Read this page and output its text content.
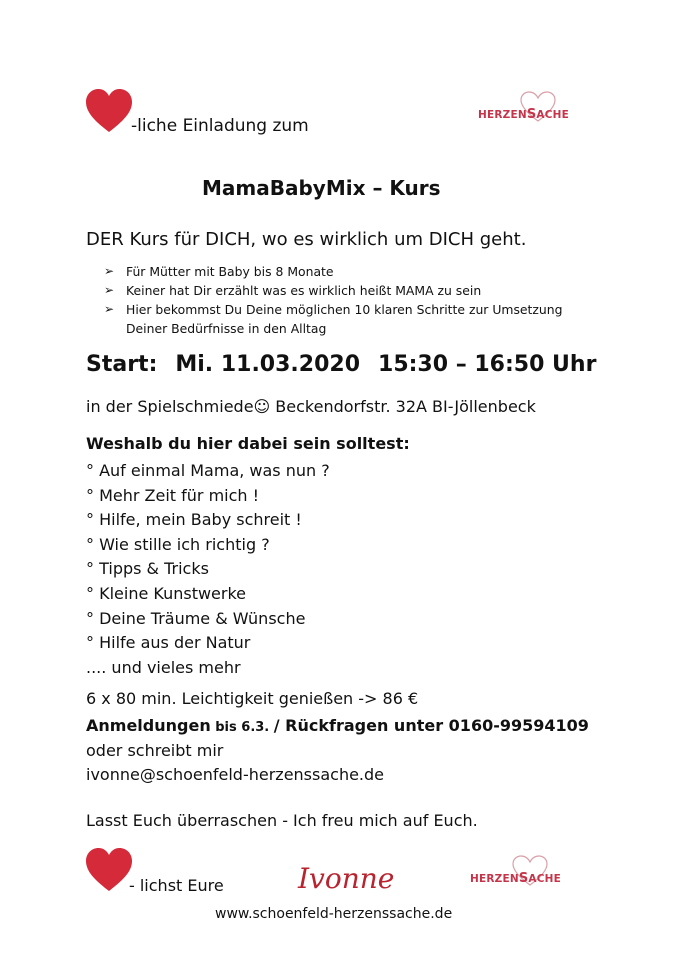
-liche Einladung zum
HERZENSACHE
MamaBabyMix – Kurs
DER Kurs für DICH, wo es wirklich um DICH geht.
➢ Für Mütter mit Baby bis 8 Monate
➢ Keiner hat Dir erzählt was es wirklich heißt MAMA zu sein
➢ Hier bekommst Du Deine möglichen 10 klaren Schritte zur Umsetzung
Deiner Bedürfnisse in den Alltag
Start: Mi. 11.03.2020 15:30 – 16:50 Uhr
in der Spielschmiede☺ Beckendorfstr. 32A BI-Jöllenbeck
Weshalb du hier dabei sein solltest:
° Auf einmal Mama, was nun ?
° Mehr Zeit für mich !
° Hilfe, mein Baby schreit !
° Wie stille ich richtig ?
° Tipps & Tricks
° Kleine Kunstwerke
° Deine Träume & Wünsche
° Hilfe aus der Natur
.... und vieles mehr
6 x 80 min. Leichtigkeit genießen -> 86 €
Anmeldungen bis 6.3. / Rückfragen unter 0160-99594109
oder schreibt mir
ivonne@schoenfeld-herzenssache.de
Lasst Euch überraschen - Ich freu mich auf Euch.
- lichst Eure	Ivonne	HERZENSACHE
www.schoenfeld-herzenssache.de
